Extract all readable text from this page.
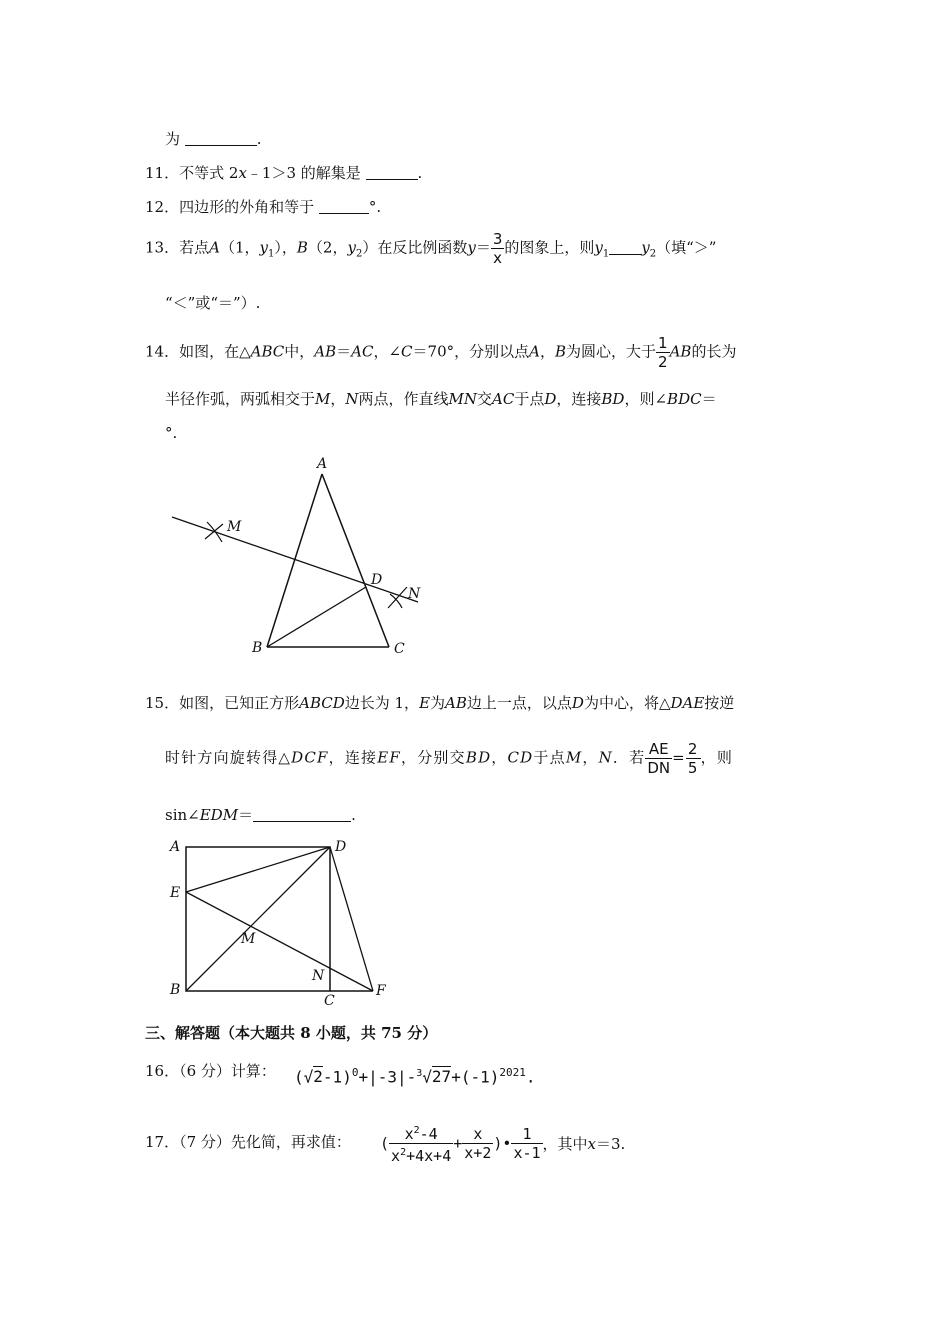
为	.
11．不等式 2x﹣1＞3 的解集是	.
12．四边形的外角和等于	°.
13．若点A（1，$y_1$），B（2，$y_2$）在反比例函数$y= \frac{3}{x}$ 的图象上，则$y_1$ $y_2$（填“＞”
“＜”或“＝”）.
14．如图，在△ABC中，AB＝AC，∠C＝70°，分别以点A，B为圆心，大于 $\frac{1}{2}$ AB的长为
半径作弧，两弧相交于M，N两点，作直线MN交AC于点D，连接BD，则∠BDC＝
°.
A
B	C
D
M
N
15．如图，已知正方形ABCD边长为 1，E为AB边上一点，以点D为中心，将△DAE按逆
时针方向旋转得△DCF，连接EF，分别交BD，CD于点M，N．若 $\frac{AE}{DN} = \frac{2}{5}$ ，则
sin∠EDM＝	.
A	D
E
M
N
B
C
F
三、解答题（本大题共 8 小题，共 75 分）
16．（6 分）计算： $(√2-1)^0+|-3|-^3√27+(-1)^{2021}$.
17．（7 分）先化简，再求值： ( $\frac{x^2-4}{x^2+4x+4} + \frac{x}{x+2}$ )• $\frac{1}{x-1}$ ，其中x＝3.
